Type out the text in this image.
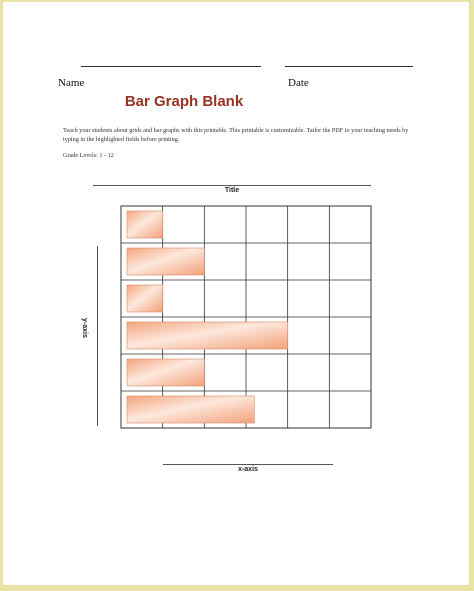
Name	Date
Bar Graph Blank
Teach your students about grids and bar graphs with this printable. This printable is customizable. Tailor the PDF to your teaching needs by typing in the highlighted fields before printing.
Grade Levels: 1 - 12
Title
y-axis
x-axis
